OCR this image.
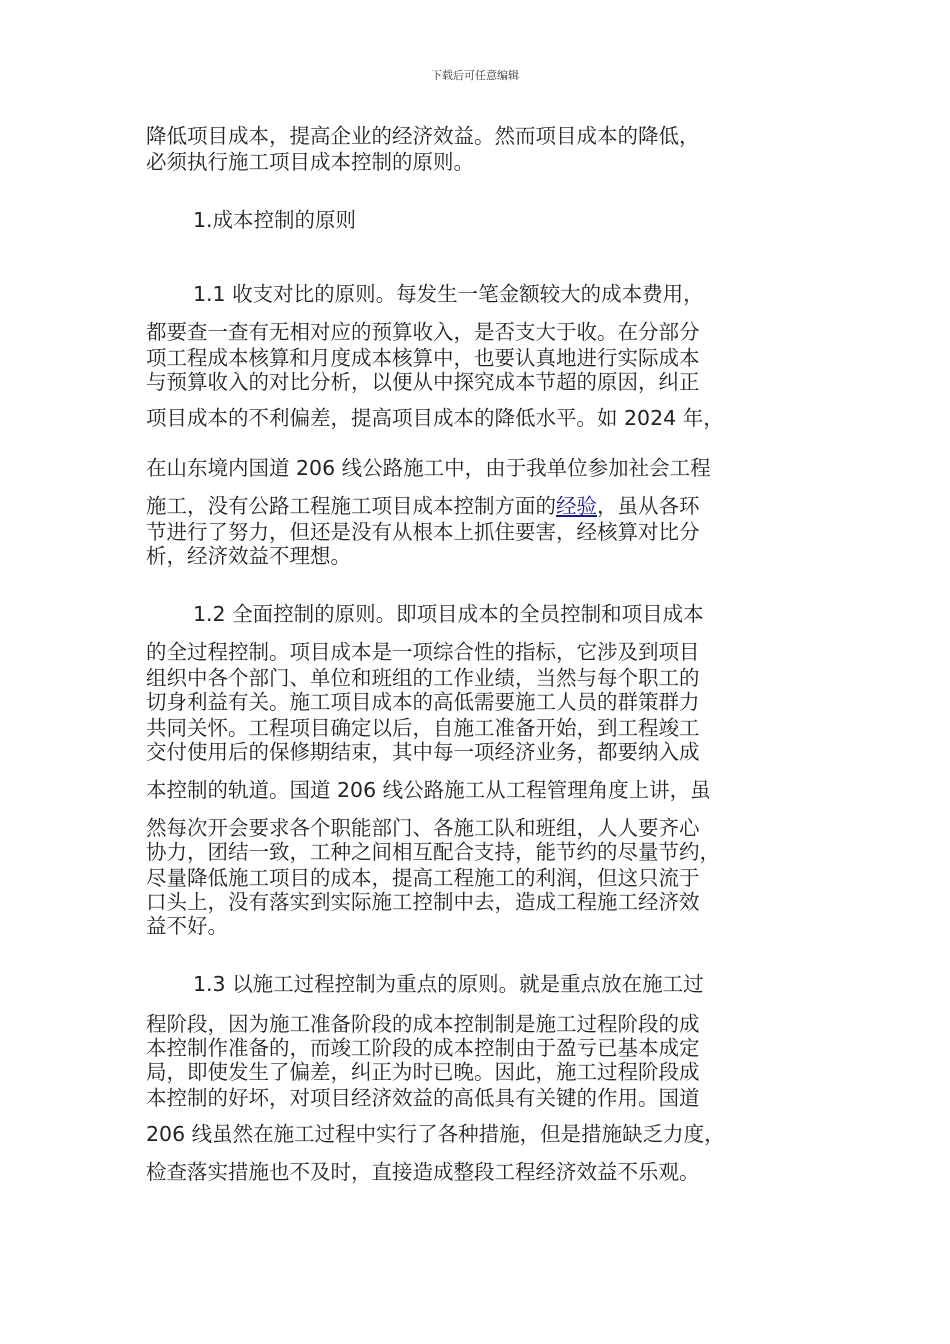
下载后可任意编辑
降低项目成本，提高企业的经济效益。然而项目成本的降低，
必须执行施工项目成本控制的原则。
1.成本控制的原则
1.1 收支对比的原则。每发生一笔金额较大的成本费用，
都要查一查有无相对应的预算收入，是否支大于收。在分部分
项工程成本核算和月度成本核算中，也要认真地进行实际成本
与预算收入的对比分析，以便从中探究成本节超的原因，纠正
项目成本的不利偏差，提高项目成本的降低水平。如 2024 年，
在山东境内国道 206 线公路施工中，由于我单位参加社会工程
施工，没有公路工程施工项目成本控制方面的经验，虽从各环
节进行了努力，但还是没有从根本上抓住要害，经核算对比分
析，经济效益不理想。
1.2 全面控制的原则。即项目成本的全员控制和项目成本
的全过程控制。项目成本是一项综合性的指标，它涉及到项目
组织中各个部门、单位和班组的工作业绩，当然与每个职工的
切身利益有关。施工项目成本的高低需要施工人员的群策群力
共同关怀。工程项目确定以后，自施工准备开始，到工程竣工
交付使用后的保修期结束，其中每一项经济业务，都要纳入成
本控制的轨道。国道 206 线公路施工从工程管理角度上讲，虽
然每次开会要求各个职能部门、各施工队和班组，人人要齐心
协力，团结一致，工种之间相互配合支持，能节约的尽量节约，
尽量降低施工项目的成本，提高工程施工的利润，但这只流于
口头上，没有落实到实际施工控制中去，造成工程施工经济效
益不好。
1.3 以施工过程控制为重点的原则。就是重点放在施工过
程阶段，因为施工准备阶段的成本控制制是施工过程阶段的成
本控制作准备的，而竣工阶段的成本控制由于盈亏已基本成定
局，即使发生了偏差，纠正为时已晚。因此，施工过程阶段成
本控制的好坏，对项目经济效益的高低具有关键的作用。国道
206 线虽然在施工过程中实行了各种措施，但是措施缺乏力度，
检查落实措施也不及时，直接造成整段工程经济效益不乐观。
